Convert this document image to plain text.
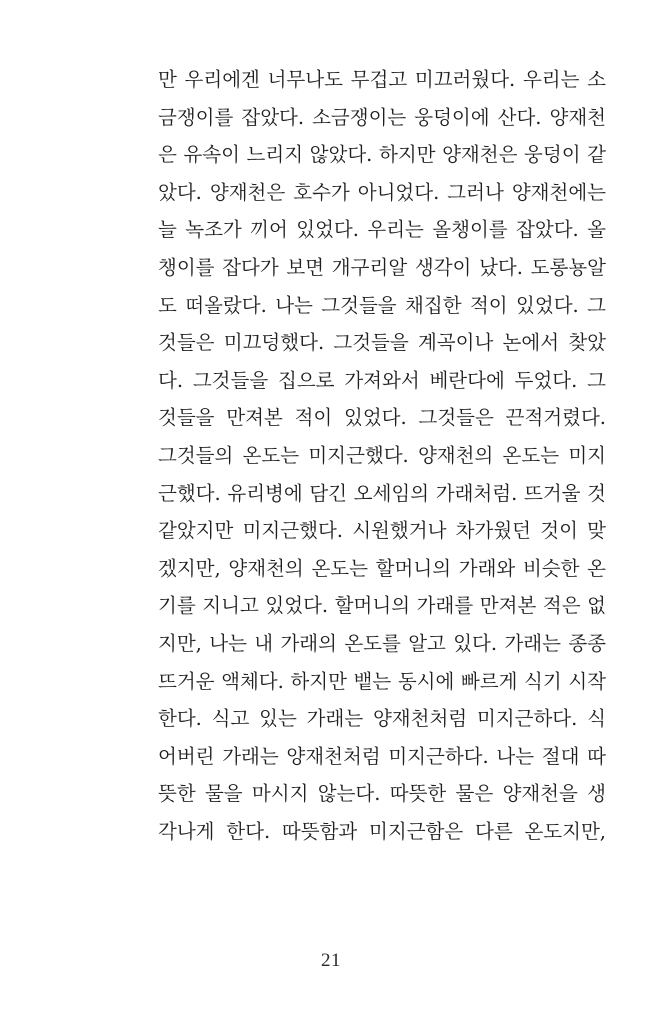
만 우리에겐 너무나도 무겁고 미끄러웠다. 우리는 소
금쟁이를 잡았다. 소금쟁이는 웅덩이에 산다. 양재천
은 유속이 느리지 않았다. 하지만 양재천은 웅덩이 같
았다. 양재천은 호수가 아니었다. 그러나 양재천에는
늘 녹조가 끼어 있었다. 우리는 올챙이를 잡았다. 올
챙이를 잡다가 보면 개구리알 생각이 났다. 도롱뇽알
도 떠올랐다. 나는 그것들을 채집한 적이 있었다. 그
것들은 미끄덩했다. 그것들을 계곡이나 논에서 찾았
다. 그것들을 집으로 가져와서 베란다에 두었다. 그
것들을 만져본 적이 있었다. 그것들은 끈적거렸다.
그것들의 온도는 미지근했다. 양재천의 온도는 미지
근했다. 유리병에 담긴 오세임의 가래처럼. 뜨거울 것
같았지만 미지근했다. 시원했거나 차가웠던 것이 맞
겠지만, 양재천의 온도는 할머니의 가래와 비슷한 온
기를 지니고 있었다. 할머니의 가래를 만져본 적은 없
지만, 나는 내 가래의 온도를 알고 있다. 가래는 종종
뜨거운 액체다. 하지만 뱉는 동시에 빠르게 식기 시작
한다. 식고 있는 가래는 양재천처럼 미지근하다. 식
어버린 가래는 양재천처럼 미지근하다. 나는 절대 따
뜻한 물을 마시지 않는다. 따뜻한 물은 양재천을 생
각나게 한다. 따뜻함과 미지근함은 다른 온도지만,
21
